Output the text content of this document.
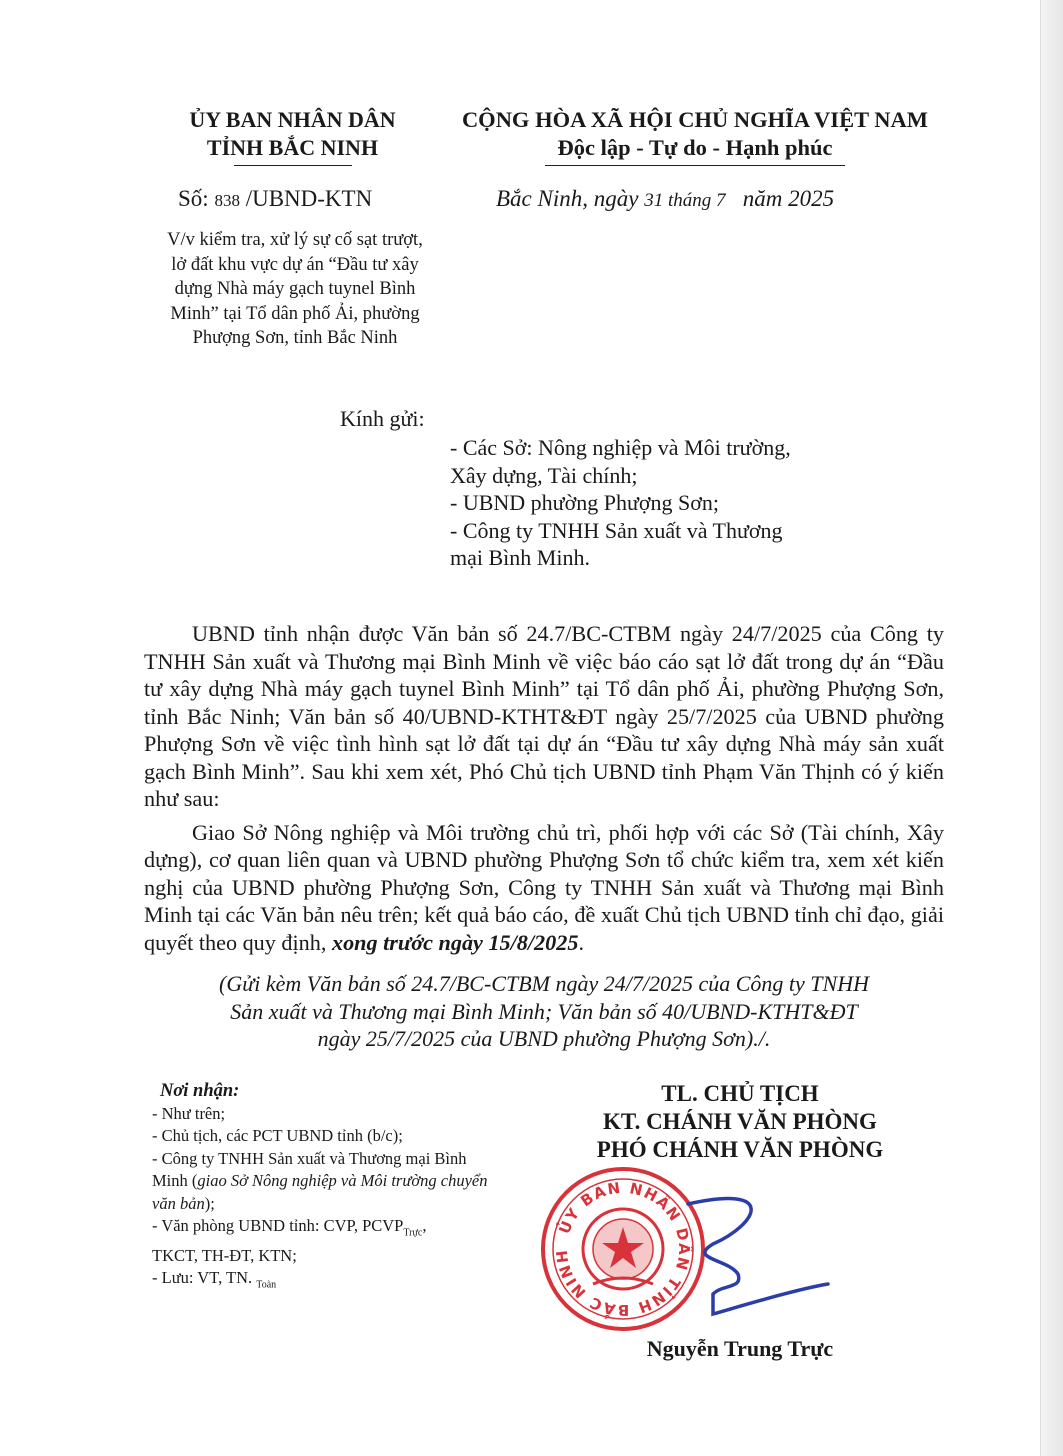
ỦY BAN NHÂN DÂN
TỈNH BẮC NINH
CỘNG HÒA XÃ HỘI CHỦ NGHĨA VIỆT NAM
Độc lập - Tự do - Hạnh phúc
Số: 838 /UBND-KTN	Bắc Ninh, ngày 31 tháng 7   năm 2025
V/v kiểm tra, xử lý sự cố sạt trượt,
lở đất khu vực dự án “Đầu tư xây
dựng Nhà máy gạch tuynel Bình
Minh” tại Tổ dân phố Ải, phường
Phượng Sơn, tỉnh Bắc Ninh
Kính gửi:
- Các Sở: Nông nghiệp và Môi trường,
Xây dựng, Tài chính;
- UBND phường Phượng Sơn;
- Công ty TNHH Sản xuất và Thương
mại Bình Minh.

UBND tỉnh nhận được Văn bản số 24.7/BC-CTBM ngày 24/7/2025 của Công ty TNHH Sản xuất và Thương mại Bình Minh về việc báo cáo sạt lở đất trong dự án “Đầu tư xây dựng Nhà máy gạch tuynel Bình Minh” tại Tổ dân phố Ải, phường Phượng Sơn, tỉnh Bắc Ninh; Văn bản số 40/UBND-KTHT&ĐT ngày 25/7/2025 của UBND phường Phượng Sơn về việc tình hình sạt lở đất tại dự án “Đầu tư xây dựng Nhà máy sản xuất gạch Bình Minh”. Sau khi xem xét, Phó Chủ tịch UBND tỉnh Phạm Văn Thịnh có ý kiến như sau:

Giao Sở Nông nghiệp và Môi trường chủ trì, phối hợp với các Sở (Tài chính, Xây dựng), cơ quan liên quan và UBND phường Phượng Sơn tổ chức kiểm tra, xem xét kiến nghị của UBND phường Phượng Sơn, Công ty TNHH Sản xuất và Thương mại Bình Minh tại các Văn bản nêu trên; kết quả báo cáo, đề xuất Chủ tịch UBND tỉnh chỉ đạo, giải quyết theo quy định, xong trước ngày 15/8/2025.

(Gửi kèm Văn bản số 24.7/BC-CTBM ngày 24/7/2025 của Công ty TNHH
Sản xuất và Thương mại Bình Minh; Văn bản số 40/UBND-KTHT&ĐT
ngày 25/7/2025 của UBND phường Phượng Sơn)./.
Nơi nhận:
- Như trên;
- Chủ tịch, các PCT UBND tỉnh (b/c);
- Công ty TNHH Sản xuất và Thương mại Bình Minh (giao Sở Nông nghiệp và Môi trường chuyển văn bản);
- Văn phòng UBND tỉnh: CVP, $PCVP_{Trực}$,
TKCT, TH-ĐT, KTN;
- Lưu: VT, TN. $_{Toàn}$
TL. CHỦ TỊCH
KT. CHÁNH VĂN PHÒNG
PHÓ CHÁNH VĂN PHÒNG
ỦY BAN NHÂN DÂN TỈNH BẮC NINH
Nguyễn Trung Trực
